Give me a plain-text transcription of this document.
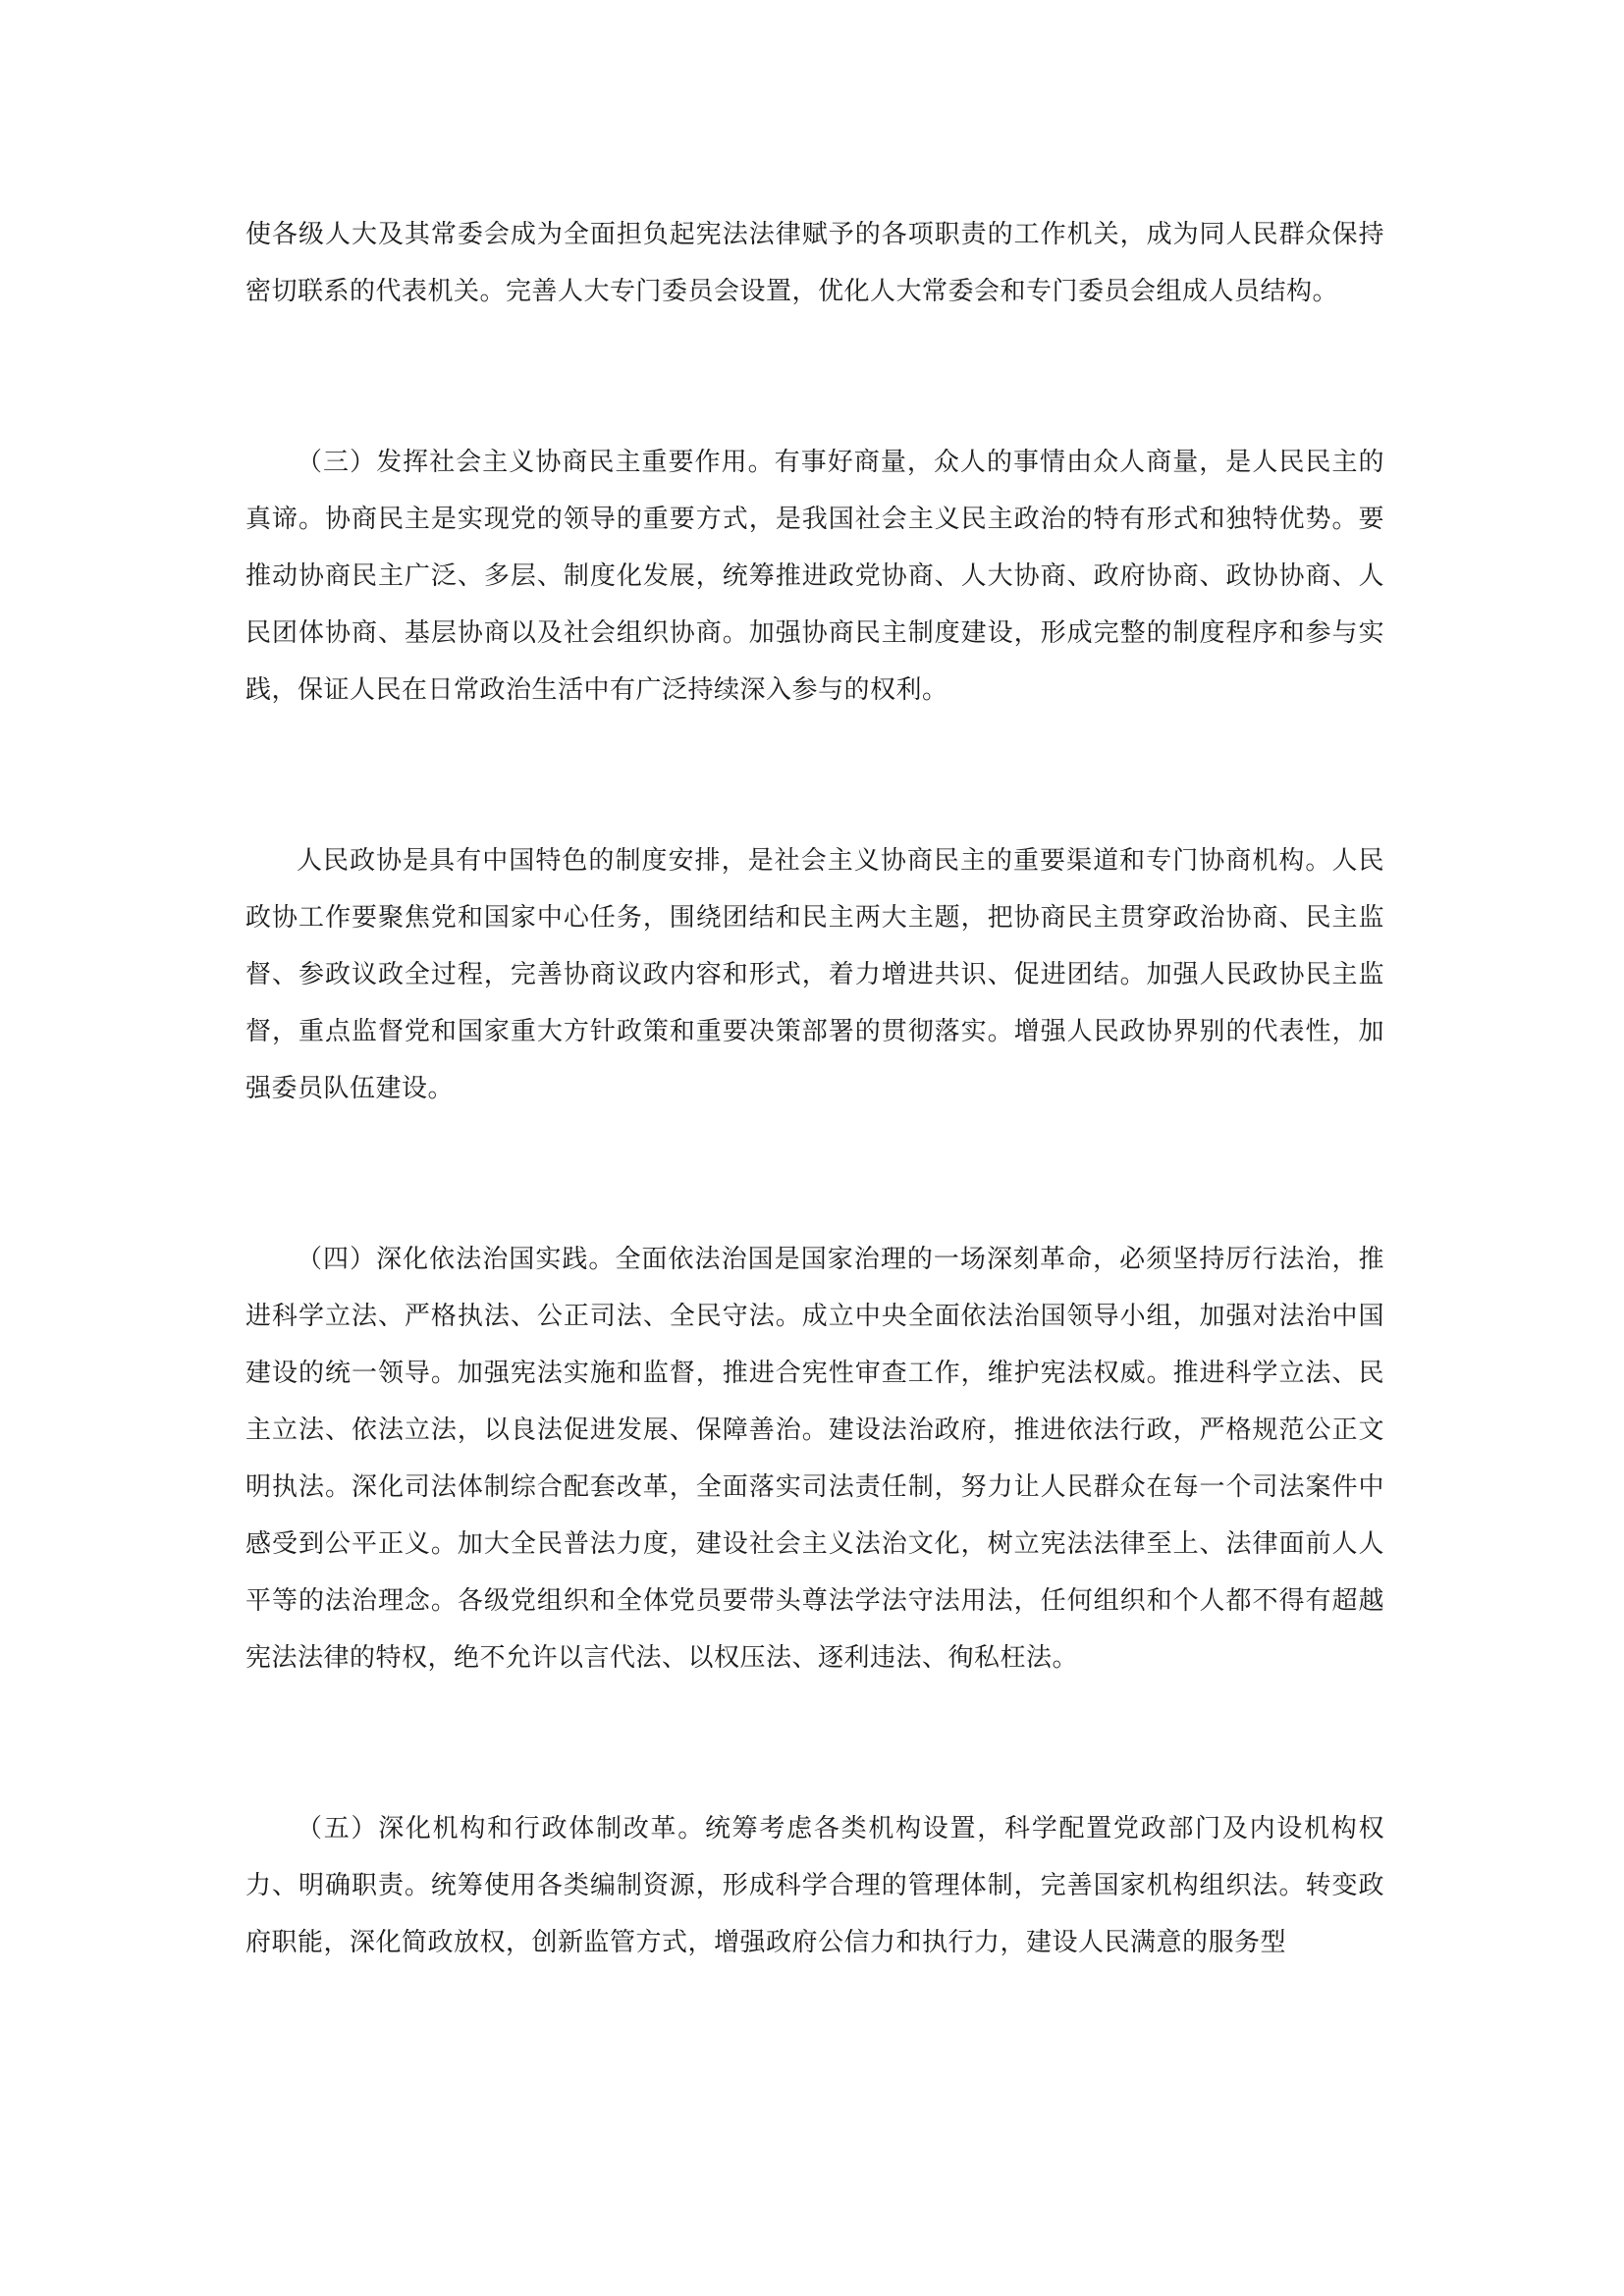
使各级人大及其常委会成为全面担负起宪法法律赋予的各项职责的工作机关，成为同人民群众保持密切联系的代表机关。完善人大专门委员会设置，优化人大常委会和专门委员会组成人员结构。

（三）发挥社会主义协商民主重要作用。有事好商量，众人的事情由众人商量，是人民民主的真谛。协商民主是实现党的领导的重要方式，是我国社会主义民主政治的特有形式和独特优势。要推动协商民主广泛、多层、制度化发展，统筹推进政党协商、人大协商、政府协商、政协协商、人民团体协商、基层协商以及社会组织协商。加强协商民主制度建设，形成完整的制度程序和参与实践，保证人民在日常政治生活中有广泛持续深入参与的权利。

人民政协是具有中国特色的制度安排，是社会主义协商民主的重要渠道和专门协商机构。人民政协工作要聚焦党和国家中心任务，围绕团结和民主两大主题，把协商民主贯穿政治协商、民主监督、参政议政全过程，完善协商议政内容和形式，着力增进共识、促进团结。加强人民政协民主监督，重点监督党和国家重大方针政策和重要决策部署的贯彻落实。增强人民政协界别的代表性，加强委员队伍建设。

（四）深化依法治国实践。全面依法治国是国家治理的一场深刻革命，必须坚持厉行法治，推进科学立法、严格执法、公正司法、全民守法。成立中央全面依法治国领导小组，加强对法治中国建设的统一领导。加强宪法实施和监督，推进合宪性审查工作，维护宪法权威。推进科学立法、民主立法、依法立法，以良法促进发展、保障善治。建设法治政府，推进依法行政，严格规范公正文明执法。深化司法体制综合配套改革，全面落实司法责任制，努力让人民群众在每一个司法案件中感受到公平正义。加大全民普法力度，建设社会主义法治文化，树立宪法法律至上、法律面前人人平等的法治理念。各级党组织和全体党员要带头尊法学法守法用法，任何组织和个人都不得有超越宪法法律的特权，绝不允许以言代法、以权压法、逐利违法、徇私枉法。

（五）深化机构和行政体制改革。统筹考虑各类机构设置，科学配置党政部门及内设机构权力、明确职责。统筹使用各类编制资源，形成科学合理的管理体制，完善国家机构组织法。转变政府职能，深化简政放权，创新监管方式，增强政府公信力和执行力，建设人民满意的服务型
